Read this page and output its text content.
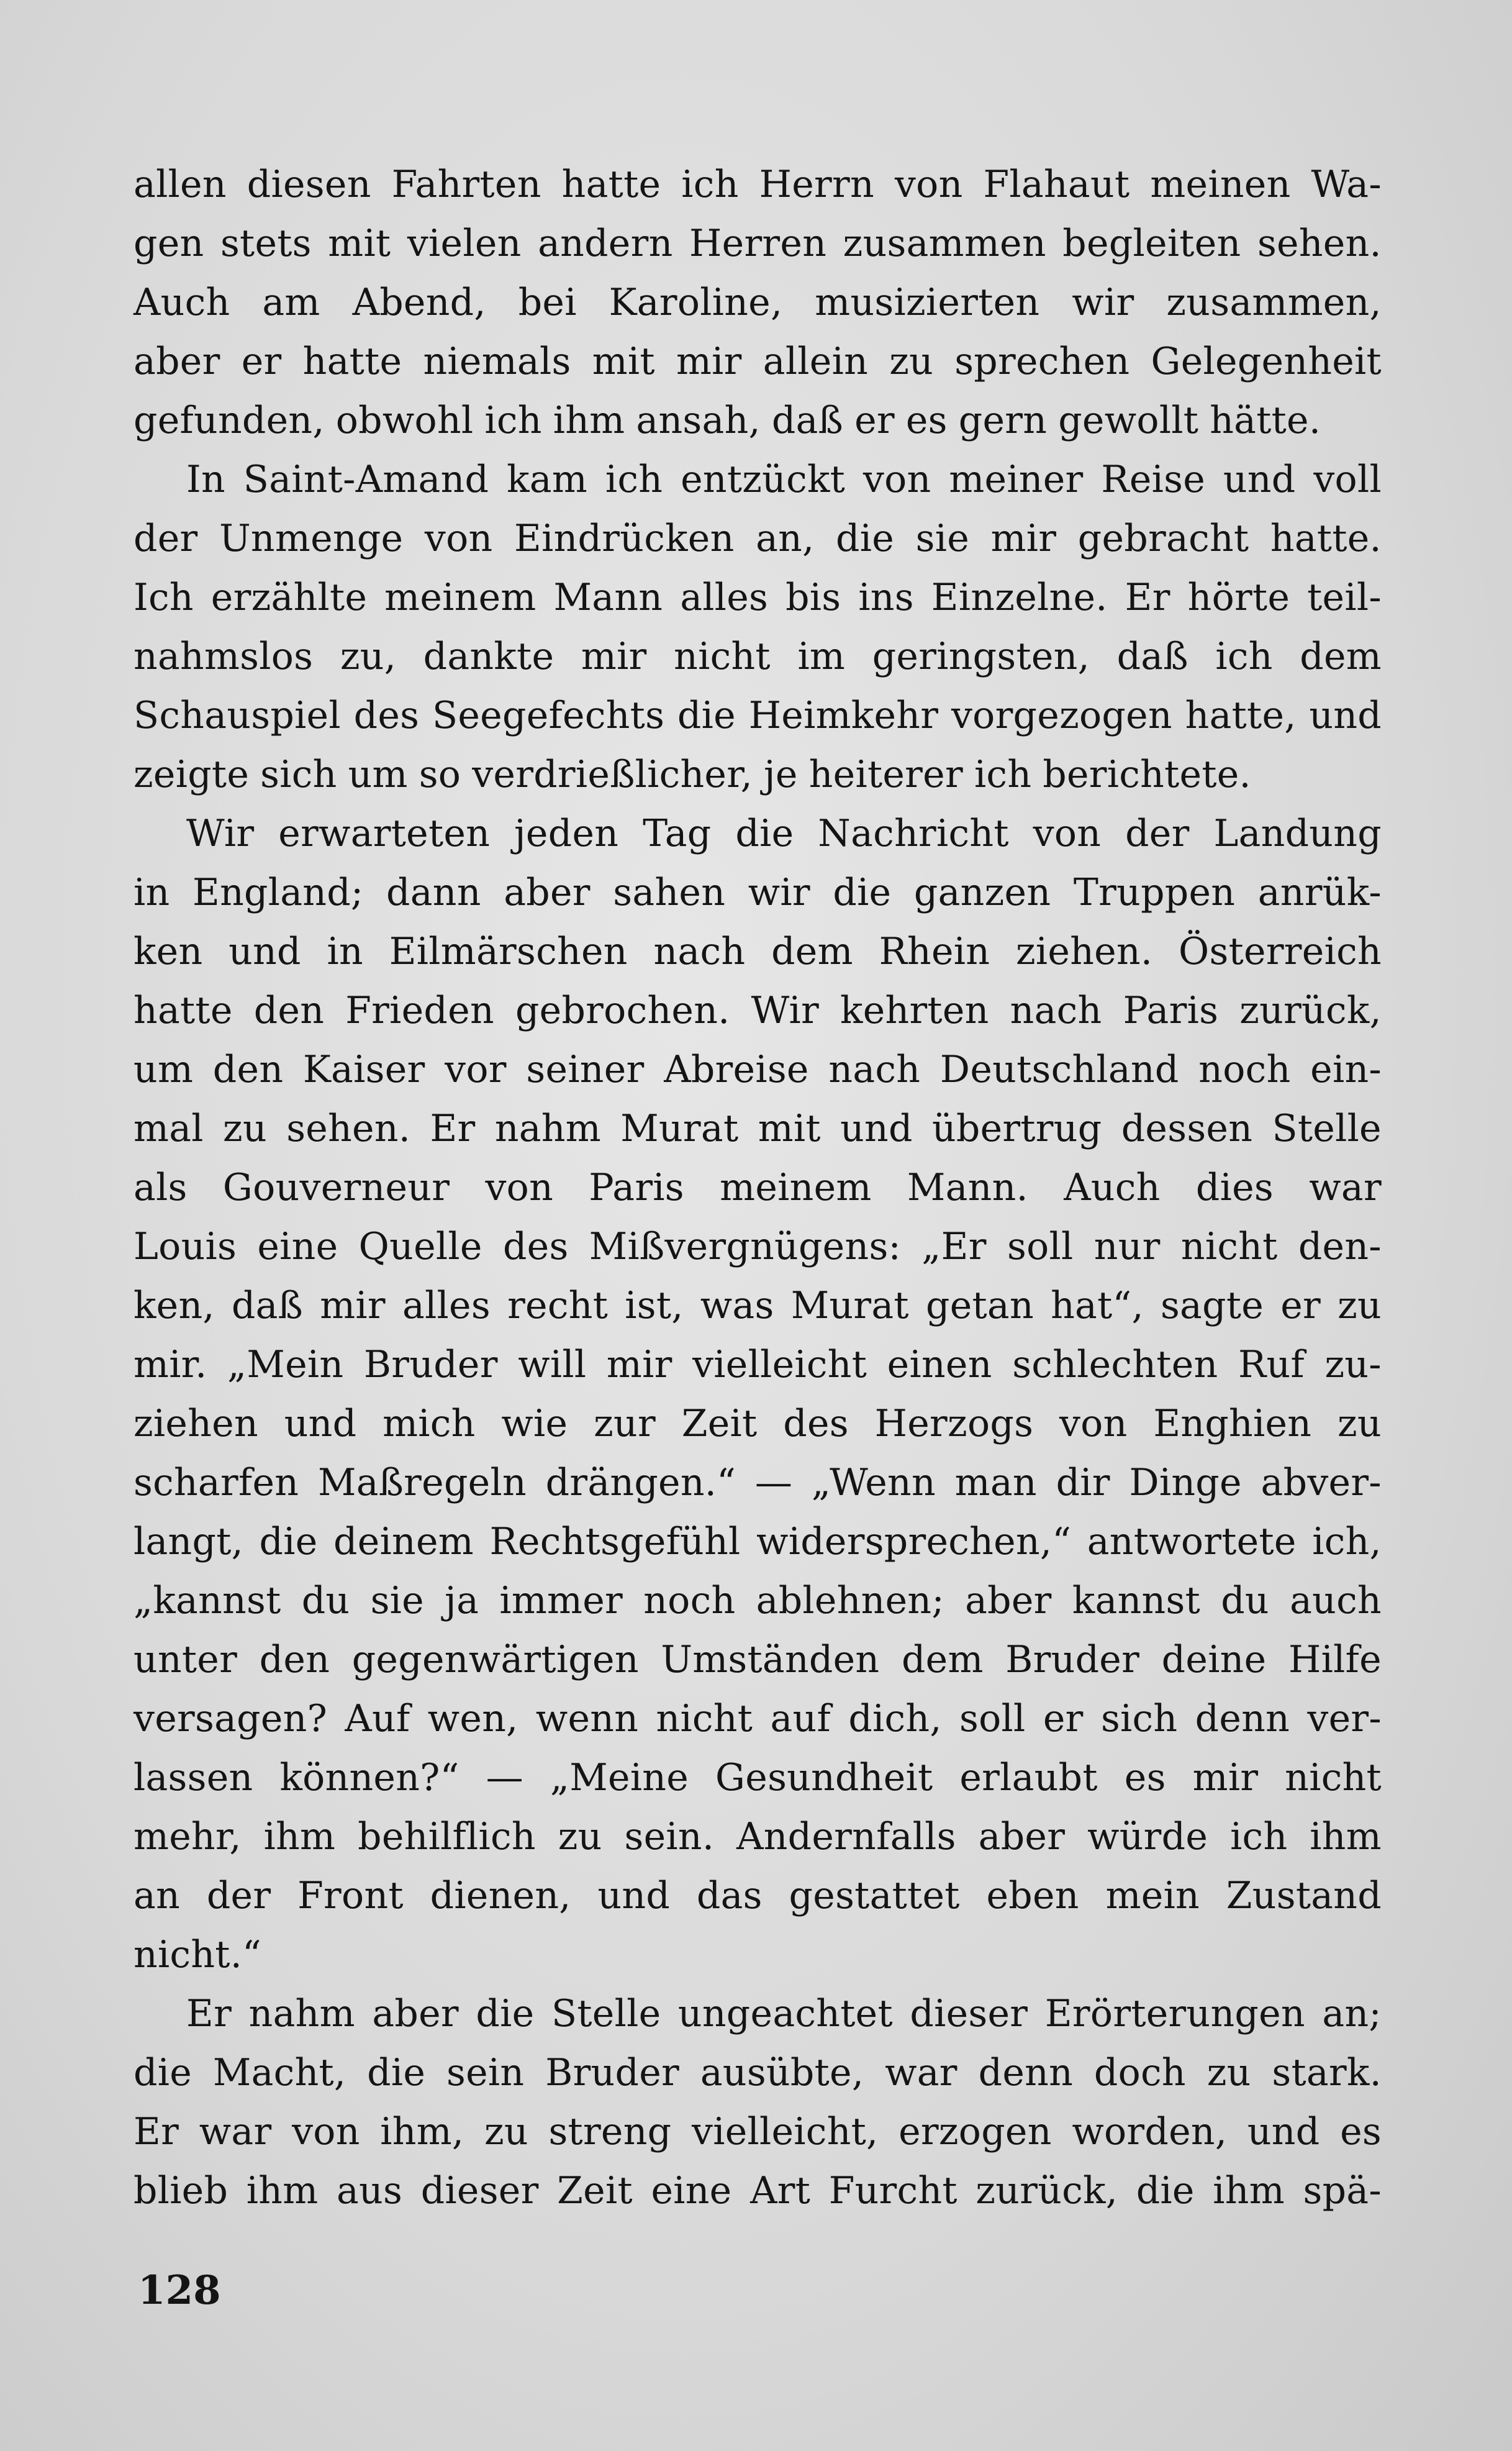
allen diesen Fahrten hatte ich Herrn von Flahaut meinen Wa-
gen stets mit vielen andern Herren zusammen begleiten sehen.
Auch am Abend, bei Karoline, musizierten wir zusammen,
aber er hatte niemals mit mir allein zu sprechen Gelegenheit
gefunden, obwohl ich ihm ansah, daß er es gern gewollt hätte.
In Saint-Amand kam ich entzückt von meiner Reise und voll
der Unmenge von Eindrücken an, die sie mir gebracht hatte.
Ich erzählte meinem Mann alles bis ins Einzelne. Er hörte teil-
nahmslos zu, dankte mir nicht im geringsten, daß ich dem
Schauspiel des Seegefechts die Heimkehr vorgezogen hatte, und
zeigte sich um so verdrießlicher, je heiterer ich berichtete.
Wir erwarteten jeden Tag die Nachricht von der Landung
in England; dann aber sahen wir die ganzen Truppen anrük-
ken und in Eilmärschen nach dem Rhein ziehen. Österreich
hatte den Frieden gebrochen. Wir kehrten nach Paris zurück,
um den Kaiser vor seiner Abreise nach Deutschland noch ein-
mal zu sehen. Er nahm Murat mit und übertrug dessen Stelle
als Gouverneur von Paris meinem Mann. Auch dies war
Louis eine Quelle des Mißvergnügens: „Er soll nur nicht den-
ken, daß mir alles recht ist, was Murat getan hat“, sagte er zu
mir. „Mein Bruder will mir vielleicht einen schlechten Ruf zu-
ziehen und mich wie zur Zeit des Herzogs von Enghien zu
scharfen Maßregeln drängen.“ — „Wenn man dir Dinge abver-
langt, die deinem Rechtsgefühl widersprechen,“ antwortete ich,
„kannst du sie ja immer noch ablehnen; aber kannst du auch
unter den gegenwärtigen Umständen dem Bruder deine Hilfe
versagen? Auf wen, wenn nicht auf dich, soll er sich denn ver-
lassen können?“ — „Meine Gesundheit erlaubt es mir nicht
mehr, ihm behilflich zu sein. Andernfalls aber würde ich ihm
an der Front dienen, und das gestattet eben mein Zustand
nicht.“
Er nahm aber die Stelle ungeachtet dieser Erörterungen an;
die Macht, die sein Bruder ausübte, war denn doch zu stark.
Er war von ihm, zu streng vielleicht, erzogen worden, und es
blieb ihm aus dieser Zeit eine Art Furcht zurück, die ihm spä-
128
